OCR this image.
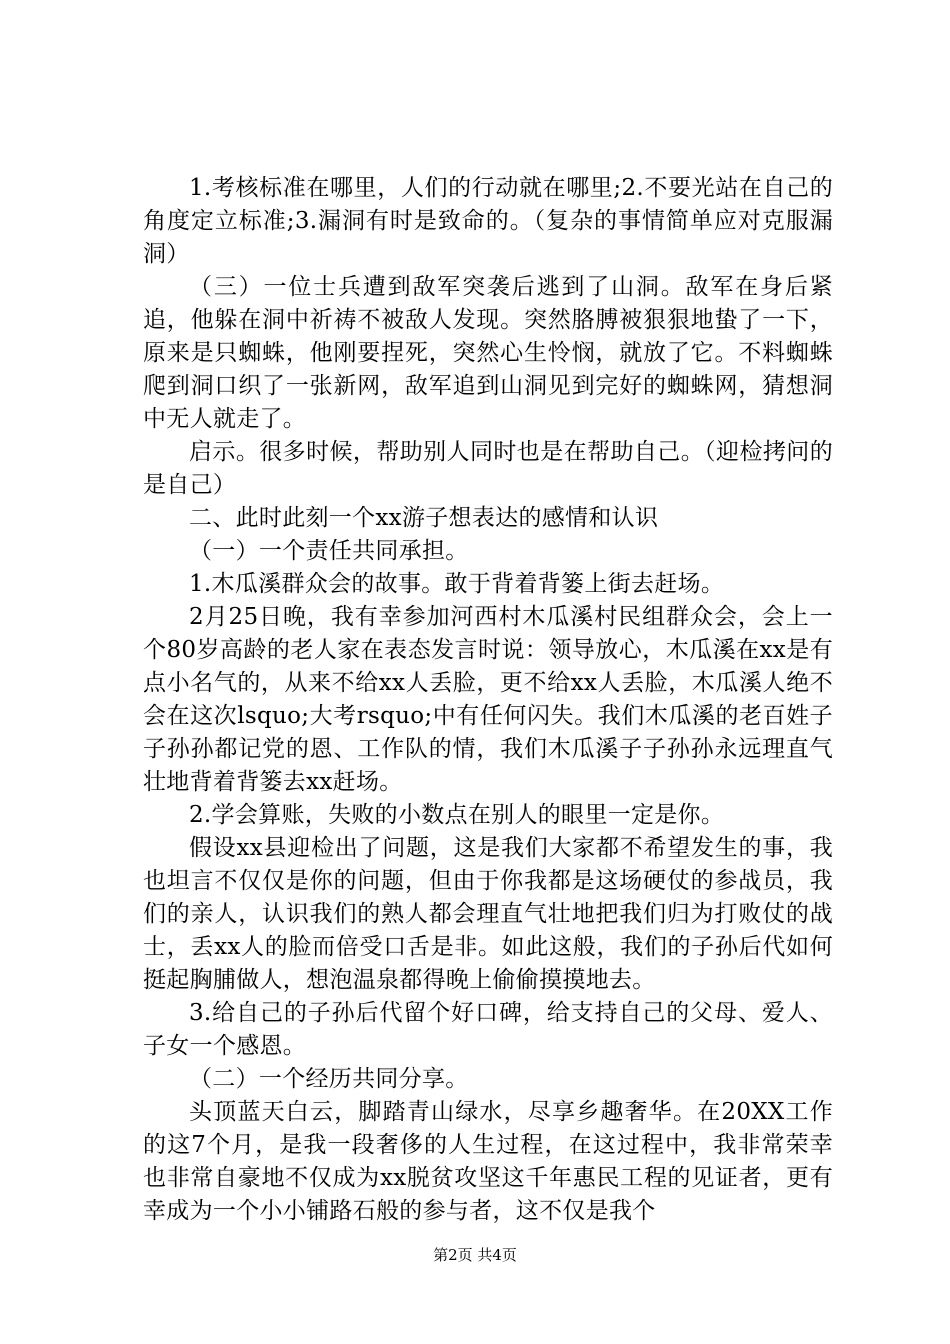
1.考核标准在哪里，人们的行动就在哪里;2.不要光站在自己的角度定立标准;3.漏洞有时是致命的。（复杂的事情简单应对克服漏洞）

（三）一位士兵遭到敌军突袭后逃到了山洞。敌军在身后紧追，他躲在洞中祈祷不被敌人发现。突然胳膊被狠狠地蛰了一下，原来是只蜘蛛，他刚要捏死，突然心生怜悯，就放了它。不料蜘蛛爬到洞口织了一张新网，敌军追到山洞见到完好的蜘蛛网，猜想洞中无人就走了。

启示。很多时候，帮助别人同时也是在帮助自己。（迎检拷问的是自己）

二、此时此刻一个xx游子想表达的感情和认识

（一）一个责任共同承担。

1.木瓜溪群众会的故事。敢于背着背篓上街去赶场。

2月25日晚，我有幸参加河西村木瓜溪村民组群众会，会上一个80岁高龄的老人家在表态发言时说：领导放心，木瓜溪在xx是有点小名气的，从来不给xx人丢脸，更不给xx人丢脸，木瓜溪人绝不会在这次lsquo;大考rsquo;中有任何闪失。我们木瓜溪的老百姓子子孙孙都记党的恩、工作队的情，我们木瓜溪子子孙孙永远理直气壮地背着背篓去xx赶场。

2.学会算账，失败的小数点在别人的眼里一定是你。

假设xx县迎检出了问题，这是我们大家都不希望发生的事，我也坦言不仅仅是你的问题，但由于你我都是这场硬仗的参战员，我们的亲人，认识我们的熟人都会理直气壮地把我们归为打败仗的战士，丢xx人的脸而倍受口舌是非。如此这般，我们的子孙后代如何挺起胸脯做人，想泡温泉都得晚上偷偷摸摸地去。

3.给自己的子孙后代留个好口碑，给支持自己的父母、爱人、子女一个感恩。

（二）一个经历共同分享。

头顶蓝天白云，脚踏青山绿水，尽享乡趣奢华。在20XX工作的这7个月，是我一段奢侈的人生过程，在这过程中，我非常荣幸也非常自豪地不仅成为xx脱贫攻坚这千年惠民工程的见证者，更有幸成为一个小小铺路石般的参与者，这不仅是我个

第2页 共4页
